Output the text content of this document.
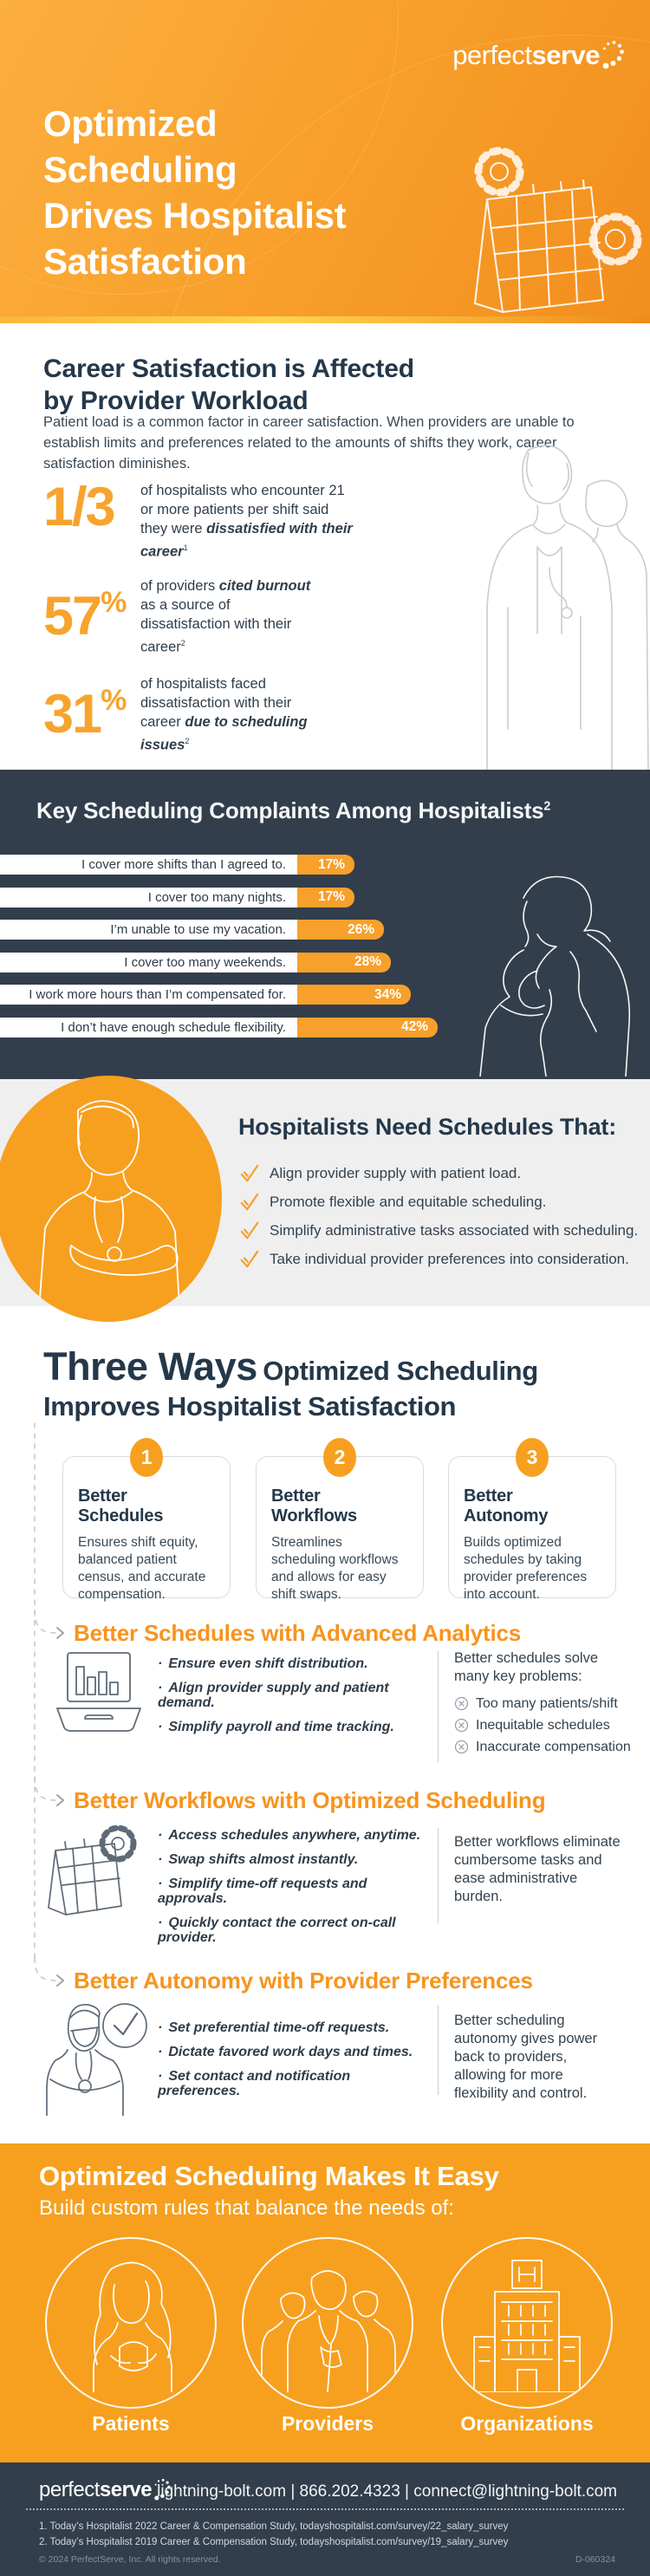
perfect serve
Optimized
Scheduling
Drives Hospitalist
Satisfaction
Career Satisfaction is Affected
by Provider Workload

Patient load is a common factor in career satisfaction. When providers are unable to establish limits and preferences related to the amounts of shifts they work, career satisfaction diminishes.

1/3	of hospitalists who encounter 21 or more patients per shift said they were dissatisfied with their career$^1$
57%	of providers cited burnout as a source of dissatisfaction with their career$^2$
31%	of hospitalists faced dissatisfaction with their career due to scheduling issues$^2$
Key Scheduling Complaints Among Hospitalists$^2$
I cover more shifts than I agreed to.	17%
I cover too many nights.	17%
I’m unable to use my vacation.	26%
I cover too many weekends.	28%
I work more hours than I’m compensated for.	34%
I don’t have enough schedule flexibility.	42%
Hospitalists Need Schedules That:
Align provider supply with patient load.
Promote flexible and equitable scheduling.
Simplify administrative tasks associated with scheduling.
Take individual provider preferences into consideration.
Three Ways Optimized Scheduling
Improves Hospitalist Satisfaction
1
Better Schedules
Ensures shift equity, balanced patient census, and accurate compensation.
2
Better Workflows
Streamlines scheduling workflows and allows for easy shift swaps.
3
Better Autonomy
Builds optimized schedules by taking provider preferences into account.
Better Schedules with Advanced Analytics
· Ensure even shift distribution.
· Align provider supply and patient demand.
· Simplify payroll and time tracking.
Better schedules solve many key problems:
Too many patients/shift
Inequitable schedules
Inaccurate compensation
Better Workflows with Optimized Scheduling
· Access schedules anywhere, anytime.
· Swap shifts almost instantly.
· Simplify time-off requests and approvals.
· Quickly contact the correct on-call provider.
Better workflows eliminate cumbersome tasks and ease administrative burden.
Better Autonomy with Provider Preferences
· Set preferential time-off requests.
· Dictate favored work days and times.
· Set contact and notification preferences.
Better scheduling autonomy gives power back to providers, allowing for more flexibility and control.
Optimized Scheduling Makes It Easy
Build custom rules that balance the needs of:
Patients	Providers	Organizations
perfect serve lightning-bolt.com | 866.202.4323 | connect@lightning-bolt.com
1. Today’s Hospitalist 2022 Career & Compensation Study, todayshospitalist.com/survey/22_salary_survey
2. Today’s Hospitalist 2019 Career & Compensation Study, todayshospitalist.com/survey/19_salary_survey
© 2024 PerfectServe, Inc. All rights reserved.	D-060324
